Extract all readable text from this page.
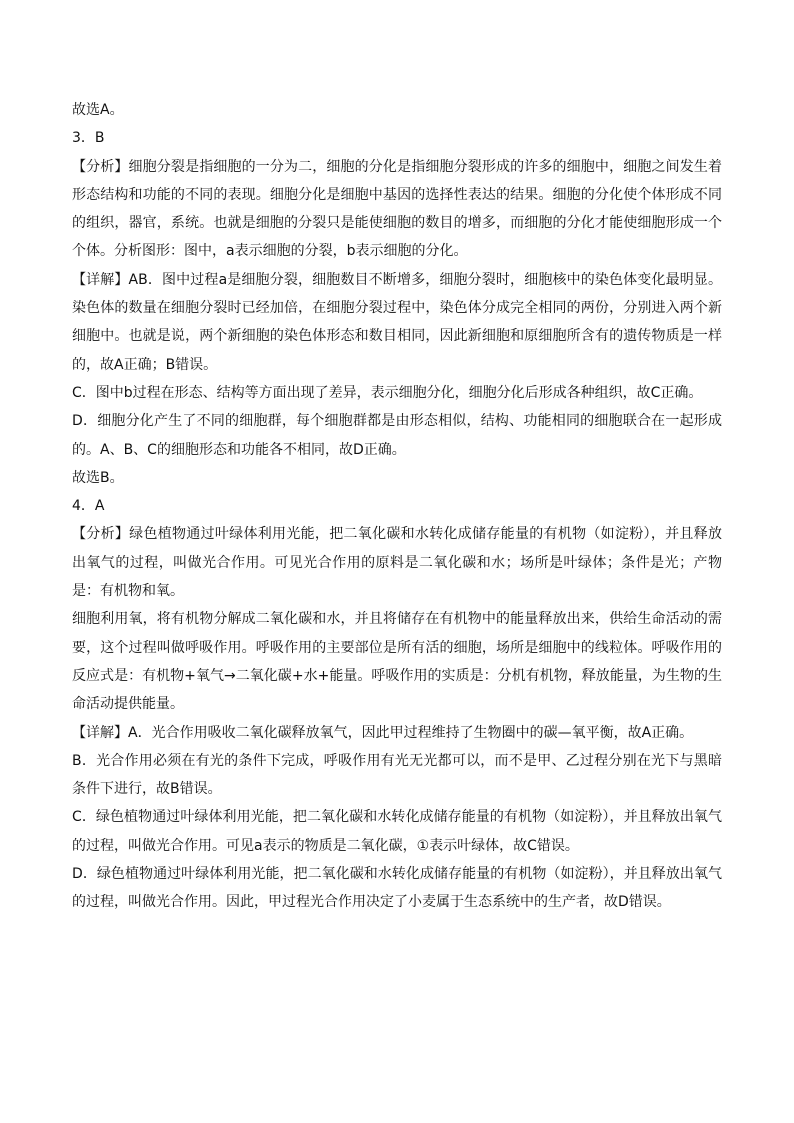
故选A。

3．B

【分析】细胞分裂是指细胞的一分为二，细胞的分化是指细胞分裂形成的许多的细胞中，细胞之间发生着形态结构和功能的不同的表现。细胞分化是细胞中基因的选择性表达的结果。细胞的分化使个体形成不同的组织，器官，系统。也就是细胞的分裂只是能使细胞的数目的增多，而细胞的分化才能使细胞形成一个个体。分析图形：图中，a表示细胞的分裂，b表示细胞的分化。

【详解】AB．图中过程a是细胞分裂，细胞数目不断增多，细胞分裂时，细胞核中的染色体变化最明显。染色体的数量在细胞分裂时已经加倍，在细胞分裂过程中，染色体分成完全相同的两份，分别进入两个新细胞中。也就是说，两个新细胞的染色体形态和数目相同，因此新细胞和原细胞所含有的遗传物质是一样的，故A正确；B错误。

C．图中b过程在形态、结构等方面出现了差异，表示细胞分化，细胞分化后形成各种组织，故C正确。

D．细胞分化产生了不同的细胞群，每个细胞群都是由形态相似，结构、功能相同的细胞联合在一起形成的。A、B、C的细胞形态和功能各不相同，故D正确。

故选B。

4．A

【分析】绿色植物通过叶绿体利用光能，把二氧化碳和水转化成储存能量的有机物（如淀粉），并且释放出氧气的过程，叫做光合作用。可见光合作用的原料是二氧化碳和水；场所是叶绿体；条件是光；产物是：有机物和氧。

细胞利用氧，将有机物分解成二氧化碳和水，并且将储存在有机物中的能量释放出来，供给生命活动的需要，这个过程叫做呼吸作用。呼吸作用的主要部位是所有活的细胞，场所是细胞中的线粒体。呼吸作用的反应式是：有机物+氧气→二氧化碳+水+能量。呼吸作用的实质是：分机有机物，释放能量，为生物的生命活动提供能量。

【详解】A．光合作用吸收二氧化碳释放氧气，因此甲过程维持了生物圈中的碳—氧平衡，故A正确。

B．光合作用必须在有光的条件下完成，呼吸作用有光无光都可以，而不是甲、乙过程分别在光下与黑暗条件下进行，故B错误。

C．绿色植物通过叶绿体利用光能，把二氧化碳和水转化成储存能量的有机物（如淀粉），并且释放出氧气的过程，叫做光合作用。可见a表示的物质是二氧化碳，①表示叶绿体，故C错误。

D．绿色植物通过叶绿体利用光能，把二氧化碳和水转化成储存能量的有机物（如淀粉），并且释放出氧气的过程，叫做光合作用。因此，甲过程光合作用决定了小麦属于生态系统中的生产者，故D错误。
